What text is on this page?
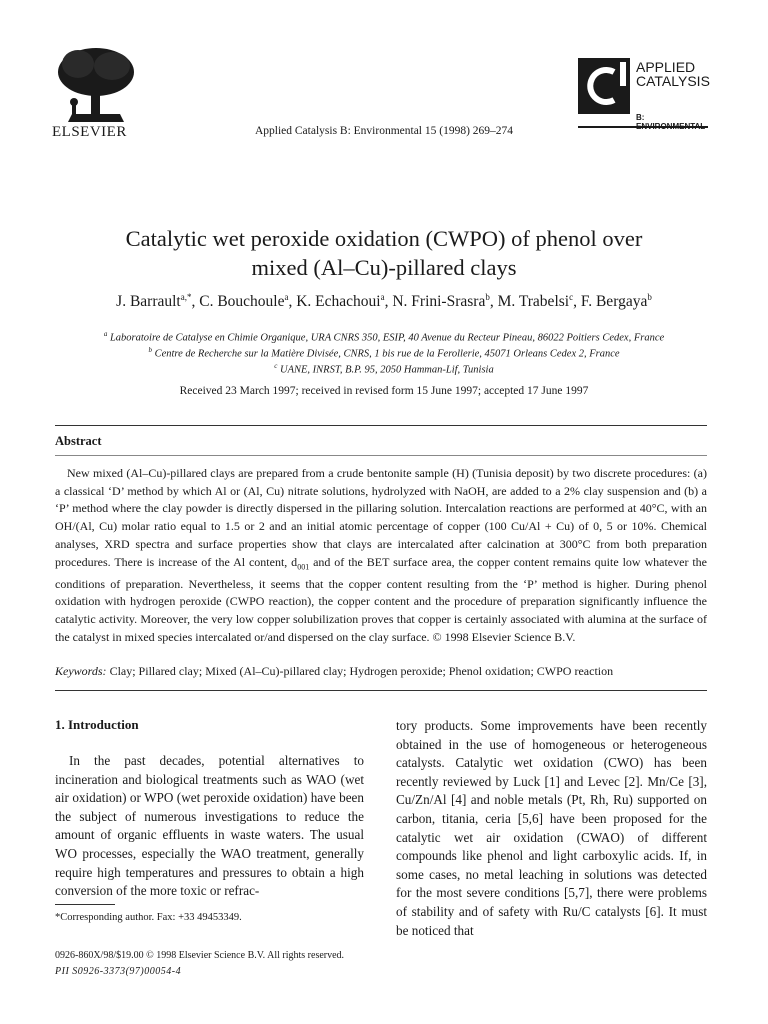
ELSEVIER	Applied Catalysis B: Environmental 15 (1998) 269–274
APPLIED
CATALYSIS
B:
Catalytic wet peroxide oxidation (CWPO) of phenol over
mixed (Al–Cu)-pillared clays
J. Barrault$^{a,*}$, C. Bouchoule$^a$, K. Echachoui$^a$, N. Frini-Srasra$^b$, M. Trabelsi$^c$, F. Bergaya$^b$
$^a$ Laboratoire de Catalyse en Chimie Organique, URA CNRS 350, ESIP, 40 Avenue du Recteur Pineau, 86022 Poitiers Cedex, France
$^b$ Centre de Recherche sur la Matière Divisée, CNRS, 1 bis rue de la Ferollerie, 45071 Orleans Cedex 2, France
$^c$ UANE, INRST, B.P. 95, 2050 Hamman-Lif, Tunisia
Received 23 March 1997; received in revised form 15 June 1997; accepted 17 June 1997
Abstract
New mixed (Al–Cu)-pillared clays are prepared from a crude bentonite sample (H) (Tunisia deposit) by two discrete procedures: (a) a classical ‘D’ method by which Al or (Al, Cu) nitrate solutions, hydrolyzed with NaOH, are added to a 2% clay suspension and (b) a ‘P’ method where the clay powder is directly dispersed in the pillaring solution. Intercalation reactions are performed at 40°C, with an OH/(Al, Cu) molar ratio equal to 1.5 or 2 and an initial atomic percentage of copper (100 Cu/Al + Cu) of 0, 5 or 10%. Chemical analyses, XRD spectra and surface properties show that clays are intercalated after calcination at 300°C from both preparation procedures. There is increase of the Al content, $d_{001}$ and of the BET surface area, the copper content remains quite low whatever the conditions of preparation. Nevertheless, it seems that the copper content resulting from the ‘P’ method is higher. During phenol oxidation with hydrogen peroxide (CWPO reaction), the copper content and the procedure of preparation significantly influence the catalytic activity. Moreover, the very low copper solubilization proves that copper is certainly associated with alumina at the surface of the catalyst in mixed species intercalated or/and dispersed on the clay surface. © 1998 Elsevier Science B.V.
Keywords: Clay; Pillared clay; Mixed (Al–Cu)-pillared clay; Hydrogen peroxide; Phenol oxidation; CWPO reaction
1. Introduction
In the past decades, potential alternatives to incineration and biological treatments such as WAO (wet air oxidation) or WPO (wet peroxide oxidation) have been the subject of numerous investigations to reduce the amount of organic effluents in waste waters. The usual WO processes, especially the WAO treatment, generally require high temperatures and pressures to obtain a high conversion of the more toxic or refrac-
tory products. Some improvements have been recently obtained in the use of homogeneous or heterogeneous catalysts. Catalytic wet oxidation (CWO) has been recently reviewed by Luck [1] and Levec [2]. Mn/Ce [3], Cu/Zn/Al [4] and noble metals (Pt, Rh, Ru) supported on carbon, titania, ceria [5,6] have been proposed for the catalytic wet air oxidation (CWAO) of different compounds like phenol and light carboxylic acids. If, in some cases, no metal leaching in solutions was detected for the most severe conditions [5,7], there were problems of stability and of safety with Ru/C catalysts [6]. It must be noticed that
*Corresponding author. Fax: +33 49453349.
0926-860X/98/$19.00 © 1998 Elsevier Science B.V. All rights reserved.
PII S0926-3373(97)00054-4
